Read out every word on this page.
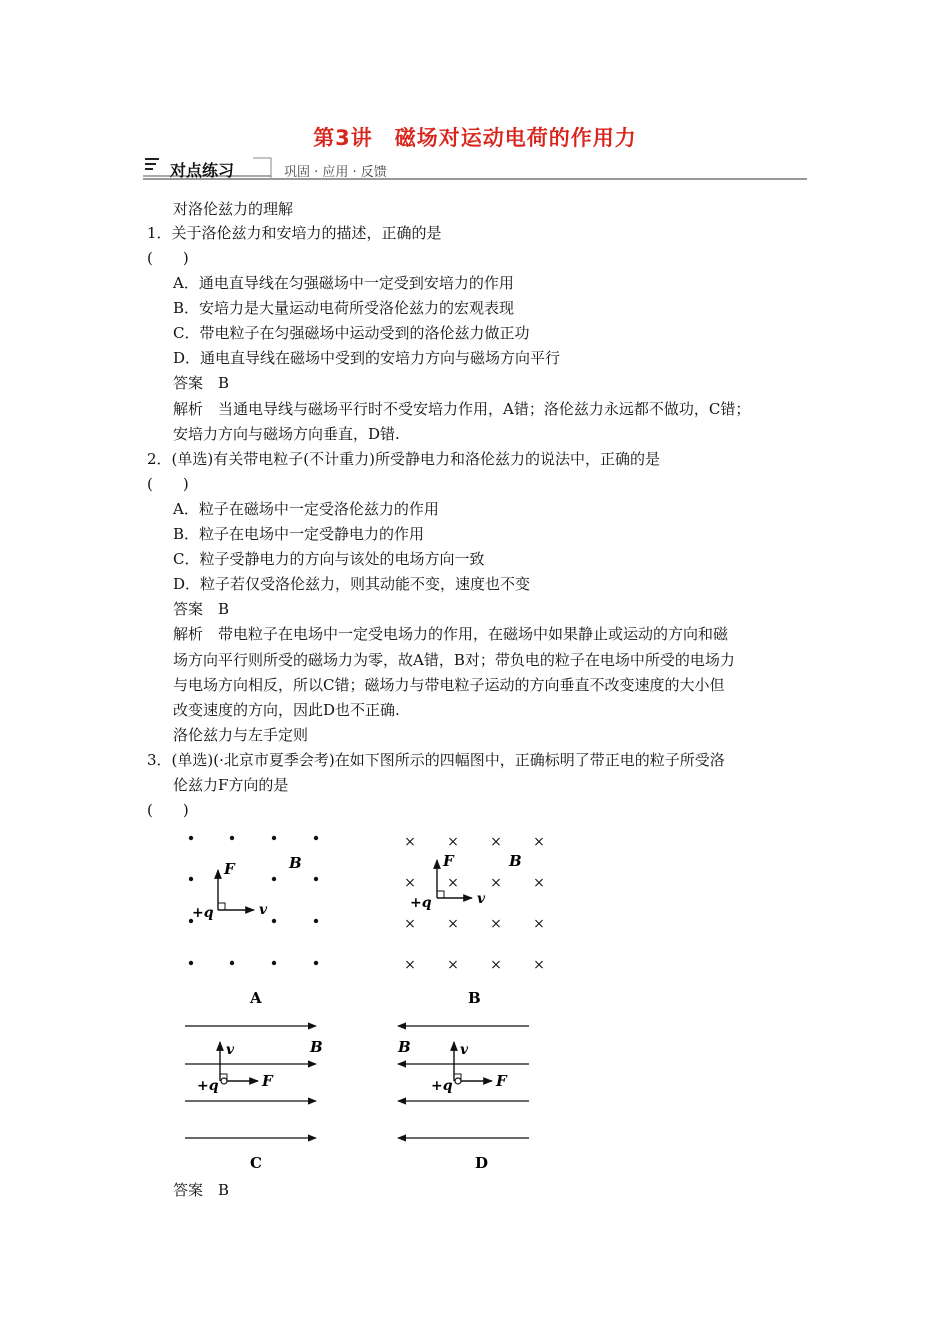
第3讲　磁场对运动电荷的作用力
对点练习	巩固 · 应用 · 反馈
对洛伦兹力的理解
1．关于洛伦兹力和安培力的描述，正确的是
(　　)
A．通电直导线在匀强磁场中一定受到安培力的作用
B．安培力是大量运动电荷所受洛伦兹力的宏观表现
C．带电粒子在匀强磁场中运动受到的洛伦兹力做正功
D．通电直导线在磁场中受到的安培力方向与磁场方向平行
答案　B
解析　当通电导线与磁场平行时不受安培力作用，A错；洛伦兹力永远都不做功，C错；
安培力方向与磁场方向垂直，D错.
2．(单选)有关带电粒子(不计重力)所受静电力和洛伦兹力的说法中，正确的是
(　　)
A．粒子在磁场中一定受洛伦兹力的作用
B．粒子在电场中一定受静电力的作用
C．粒子受静电力的方向与该处的电场方向一致
D．粒子若仅受洛伦兹力，则其动能不变，速度也不变
答案　B
解析　带电粒子在电场中一定受电场力的作用，在磁场中如果静止或运动的方向和磁
场方向平行则所受的磁场力为零，故A错，B对；带负电的粒子在电场中所受的电场力
与电场方向相反，所以C错；磁场力与带电粒子运动的方向垂直不改变速度的大小但
改变速度的方向，因此D也不正确.
洛伦兹力与左手定则
3．(单选)(·北京市夏季会考)在如下图所示的四幅图中，正确标明了带正电的粒子所受洛
伦兹力F方向的是
(　　)
F
v
+q
B
A
× × × ×
× × × ×
× × × ×
× × × ×
F
v
+q
B
B
v
F
+q
B
C
v
F
+q
B
D
答案　B
